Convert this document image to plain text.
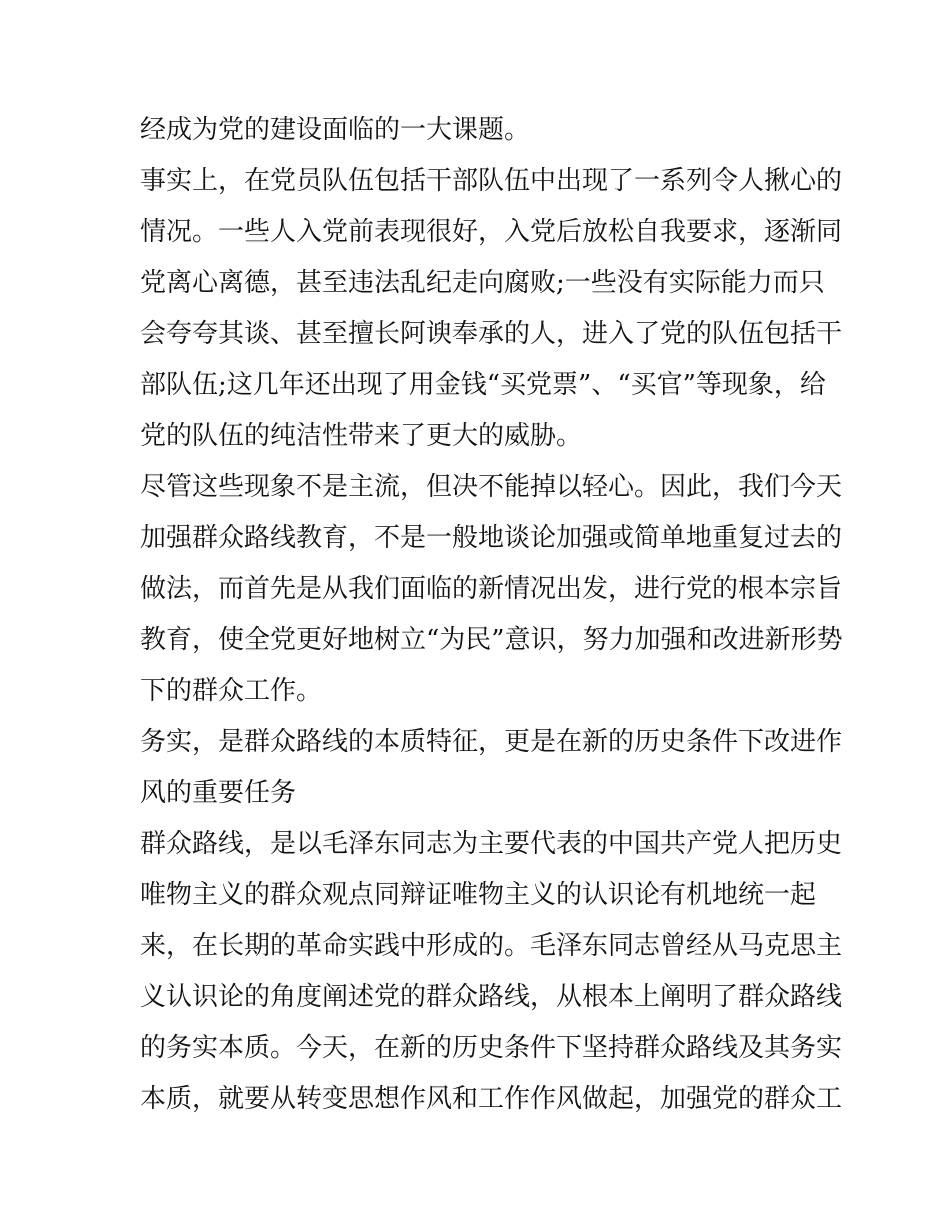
经成为党的建设面临的一大课题。
事实上，在党员队伍包括干部队伍中出现了一系列令人揪心的
情况。一些人入党前表现很好，入党后放松自我要求，逐渐同
党离心离德，甚至违法乱纪走向腐败;一些没有实际能力而只
会夸夸其谈、甚至擅长阿谀奉承的人，进入了党的队伍包括干
部队伍;这几年还出现了用金钱“买党票”、“买官”等现象，给
党的队伍的纯洁性带来了更大的威胁。
尽管这些现象不是主流，但决不能掉以轻心。因此，我们今天
加强群众路线教育，不是一般地谈论加强或简单地重复过去的
做法，而首先是从我们面临的新情况出发，进行党的根本宗旨
教育，使全党更好地树立“为民”意识，努力加强和改进新形势
下的群众工作。
务实，是群众路线的本质特征，更是在新的历史条件下改进作
风的重要任务
群众路线，是以毛泽东同志为主要代表的中国共产党人把历史
唯物主义的群众观点同辩证唯物主义的认识论有机地统一起
来，在长期的革命实践中形成的。毛泽东同志曾经从马克思主
义认识论的角度阐述党的群众路线，从根本上阐明了群众路线
的务实本质。今天，在新的历史条件下坚持群众路线及其务实
本质，就要从转变思想作风和工作作风做起，加强党的群众工
